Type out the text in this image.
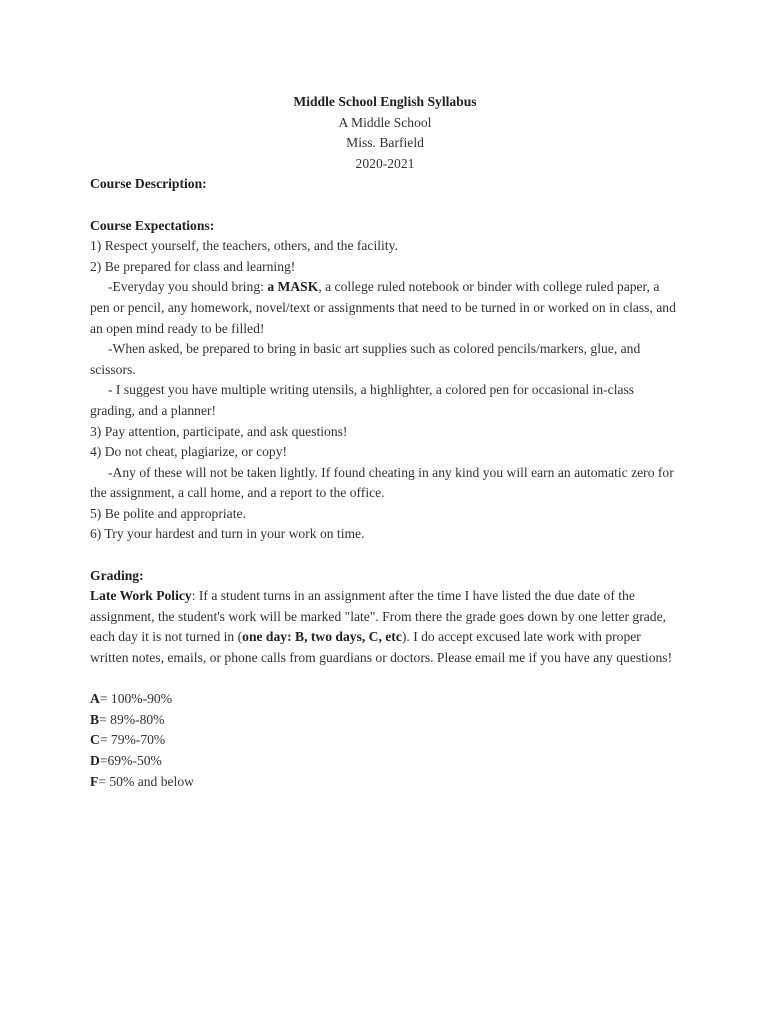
Middle School English Syllabus
A Middle School
Miss. Barfield
2020-2021
Course Description:
Course Expectations:
1) Respect yourself, the teachers, others, and the facility.
2) Be prepared for class and learning!
-Everyday you should bring: a MASK, a college ruled notebook or binder with college ruled paper, a pen or pencil, any homework, novel/text or assignments that need to be turned in or worked on in class, and an open mind ready to be filled!
-When asked, be prepared to bring in basic art supplies such as colored pencils/markers, glue, and scissors.
- I suggest you have multiple writing utensils, a highlighter, a colored pen for occasional in-class grading, and a planner!
3) Pay attention, participate, and ask questions!
4) Do not cheat, plagiarize, or copy!
-Any of these will not be taken lightly. If found cheating in any kind you will earn an automatic zero for the assignment, a call home, and a report to the office.
5) Be polite and appropriate.
6) Try your hardest and turn in your work on time.
Grading:
Late Work Policy: If a student turns in an assignment after the time I have listed the due date of the assignment, the student's work will be marked "late". From there the grade goes down by one letter grade, each day it is not turned in (one day: B, two days, C, etc). I do accept excused late work with proper written notes, emails, or phone calls from guardians or doctors. Please email me if you have any questions!
A= 100%-90%
B= 89%-80%
C= 79%-70%
D=69%-50%
F= 50% and below
